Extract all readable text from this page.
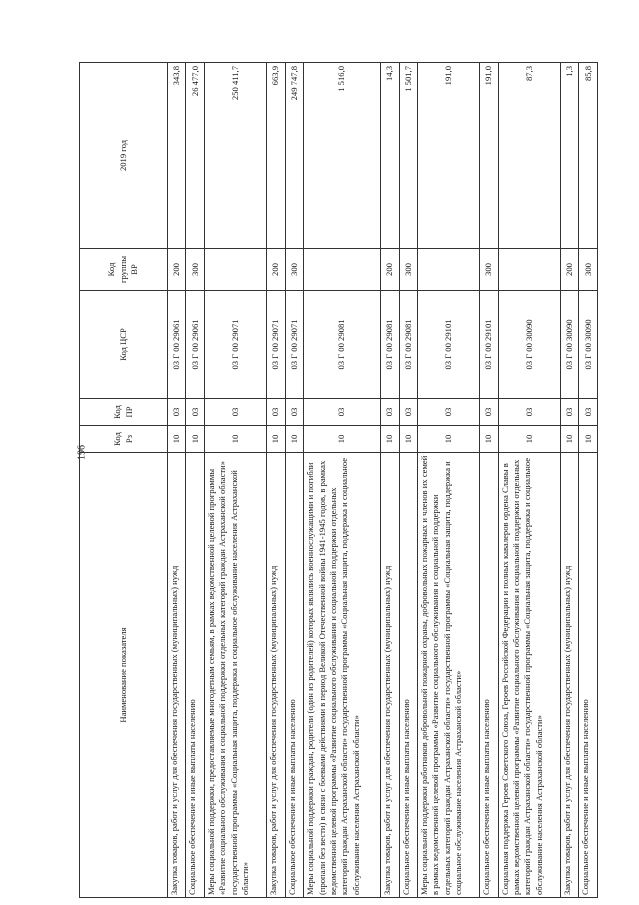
196
Наименование показателя	Код Рз	Код ПР	Код ЦСР	Код группы ВР	2019 год
Закупка товаров, работ и услуг для обеспечения государственных (муниципальных) нужд	10	03	03 Г 00 29061	200	343,8
Социальное обеспечение и иные выплаты населению	10	03	03 Г 00 29061	300	26 477,0
Меры социальной поддержки, предоставляемые многодетным семьям, в рамках ведомственной целевой программы «Развитие социального обслуживания и социальной поддержки отдельных категорий граждан Астраханской области» государственной программы «Социальная защита, поддержка и социальное обслуживание населения Астраханской области»	10	03	03 Г 00 29071		250 411,7
Закупка товаров, работ и услуг для обеспечения государственных (муниципальных) нужд	10	03	03 Г 00 29071	200	663,9
Социальное обеспечение и иные выплаты населению	10	03	03 Г 00 29071	300	249 747,8
Меры социальной поддержки граждан, родители (один из родителей) которых являлись военнослужащими и погибли (пропали без вести) в связи с боевыми действиями в период Великой Отечественной войны 1941-1945 годов, в рамках ведомственной целевой программы «Развитие социального обслуживания и социальной поддержки отдельных категорий граждан Астраханской области» государственной программы «Социальная защита, поддержка и социальное обслуживание населения Астраханской области»	10	03	03 Г 00 29081		1 516,0
Закупка товаров, работ и услуг для обеспечения государственных (муниципальных) нужд	10	03	03 Г 00 29081	200	14,3
Социальное обеспечение и иные выплаты населению	10	03	03 Г 00 29081	300	1 501,7
Меры социальной поддержки работников добровольной пожарной охраны, добровольных пожарных и членов их семей в рамках ведомственной целевой программы «Развитие социального обслуживания и социальной поддержки отдельных категорий граждан Астраханской области» государственной программы «Социальная защита, поддержка и социальное обслуживание населения Астраханской области»	10	03	03 Г 00 29101		191,0
Социальное обеспечение и иные выплаты населению	10	03	03 Г 00 29101	300	191,0
Социальная поддержка Героев Советского Союза, Героев Российской Федерации и полных кавалеров ордена Славы в рамках ведомственной целевой программы «Развитие социального обслуживания и социальной поддержки отдельных категорий граждан Астраханской области» государственной программы «Социальная защита, поддержка и социальное обслуживание населения Астраханской области»	10	03	03 Г 00 30090		87,3
Закупка товаров, работ и услуг для обеспечения государственных (муниципальных) нужд	10	03	03 Г 00 30090	200	1,3
Социальное обеспечение и иные выплаты населению	10	03	03 Г 00 30090	300	85,8
